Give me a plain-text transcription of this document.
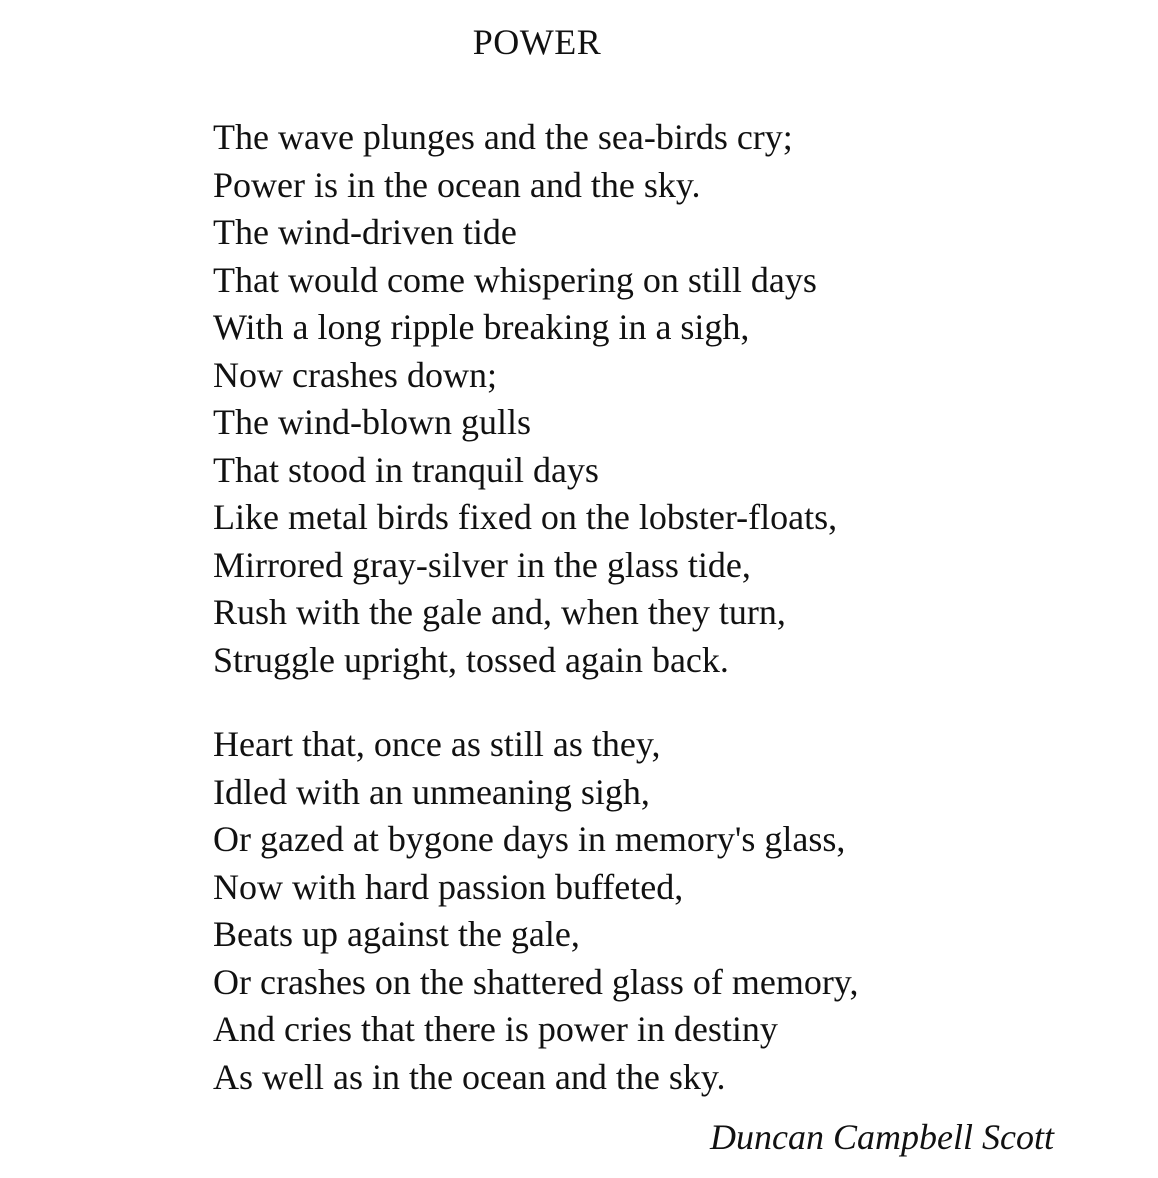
POWER
The wave plunges and the sea-birds cry;
Power is in the ocean and the sky.
The wind-driven tide
That would come whispering on still days
With a long ripple breaking in a sigh,
Now crashes down;
The wind-blown gulls
That stood in tranquil days
Like metal birds fixed on the lobster-floats,
Mirrored gray-silver in the glass tide,
Rush with the gale and, when they turn,
Struggle upright, tossed again back.
Heart that, once as still as they,
Idled with an unmeaning sigh,
Or gazed at bygone days in memory's glass,
Now with hard passion buffeted,
Beats up against the gale,
Or crashes on the shattered glass of memory,
And cries that there is power in destiny
As well as in the ocean and the sky.
Duncan Campbell Scott
